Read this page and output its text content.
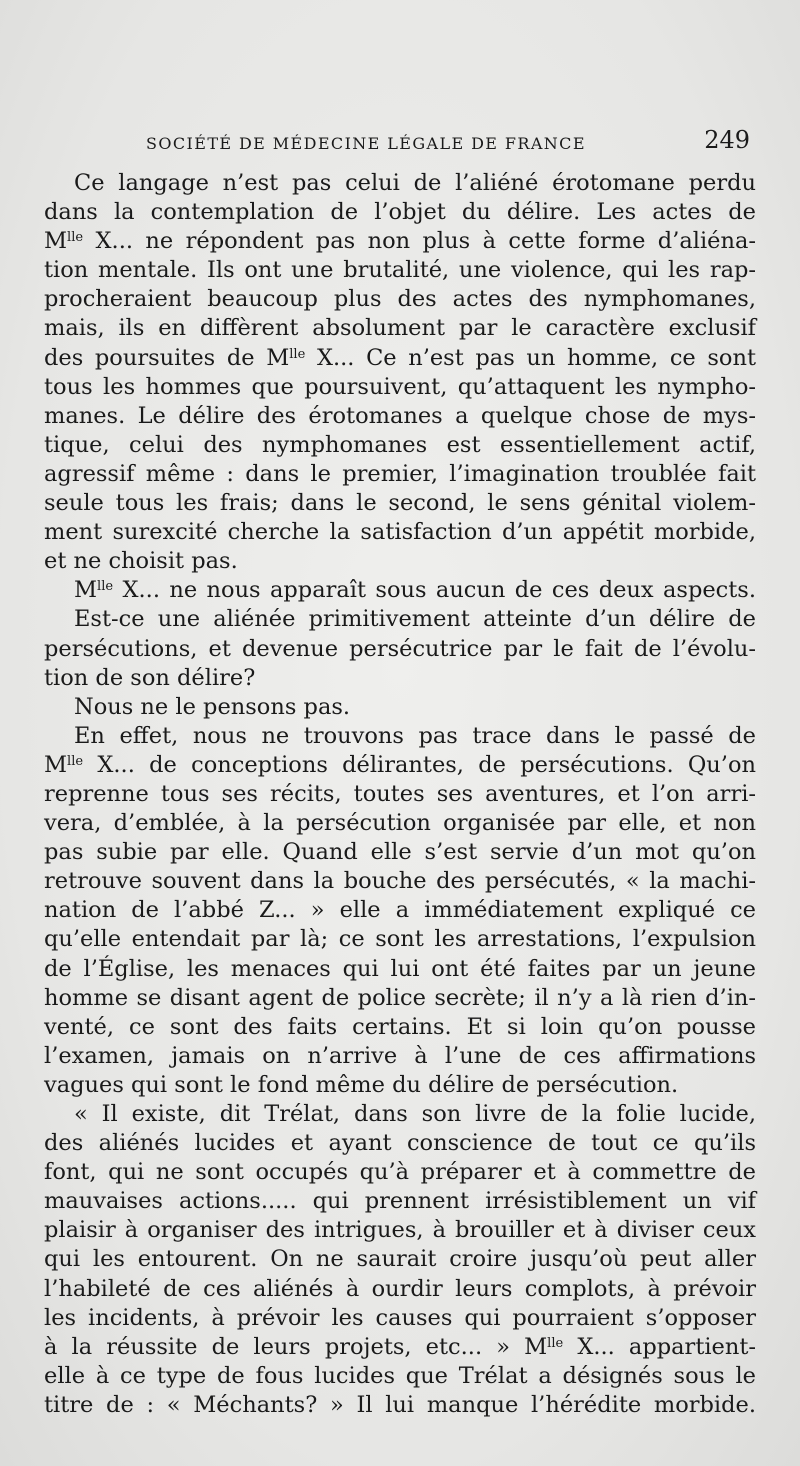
SOCIÉTÉ DE MÉDECINE LÉGALE DE FRANCE	249
Ce langage n’est pas celui de l’aliéné érotomane perdu
dans la contemplation de l’objet du délire. Les actes de
$M^{lle}$ X... ne répondent pas non plus à cette forme d’aliéna-
tion mentale. Ils ont une brutalité, une violence, qui les rap-
procheraient beaucoup plus des actes des nymphomanes,
mais, ils en diffèrent absolument par le caractère exclusif
des poursuites de $M^{lle}$ X... Ce n’est pas un homme, ce sont
tous les hommes que poursuivent, qu’attaquent les nympho-
manes. Le délire des érotomanes a quelque chose de mys-
tique, celui des nymphomanes est essentiellement actif,
agressif même : dans le premier, l’imagination troublée fait
seule tous les frais; dans le second, le sens génital violem-
ment surexcité cherche la satisfaction d’un appétit morbide,
et ne choisit pas.
$M^{lle}$ X... ne nous apparaît sous aucun de ces deux aspects.
Est-ce une aliénée primitivement atteinte d’un délire de
persécutions, et devenue persécutrice par le fait de l’évolu-
tion de son délire?
Nous ne le pensons pas.
En effet, nous ne trouvons pas trace dans le passé de
$M^{lle}$ X... de conceptions délirantes, de persécutions. Qu’on
reprenne tous ses récits, toutes ses aventures, et l’on arri-
vera, d’emblée, à la persécution organisée par elle, et non
pas subie par elle. Quand elle s’est servie d’un mot qu’on
retrouve souvent dans la bouche des persécutés, « la machi-
nation de l’abbé Z... » elle a immédiatement expliqué ce
qu’elle entendait par là; ce sont les arrestations, l’expulsion
de l’Église, les menaces qui lui ont été faites par un jeune
homme se disant agent de police secrète; il n’y a là rien d’in-
venté, ce sont des faits certains. Et si loin qu’on pousse
l’examen, jamais on n’arrive à l’une de ces affirmations
vagues qui sont le fond même du délire de persécution.
« Il existe, dit Trélat, dans son livre de la folie lucide,
des aliénés lucides et ayant conscience de tout ce qu’ils
font, qui ne sont occupés qu’à préparer et à commettre de
mauvaises actions..... qui prennent irrésistiblement un vif
plaisir à organiser des intrigues, à brouiller et à diviser ceux
qui les entourent. On ne saurait croire jusqu’où peut aller
l’habileté de ces aliénés à ourdir leurs complots, à prévoir
les incidents, à prévoir les causes qui pourraient s’opposer
à la réussite de leurs projets, etc... » $M^{lle}$ X... appartient-
elle à ce type de fous lucides que Trélat a désignés sous le
titre de : « Méchants? » Il lui manque l’hérédite morbide.
